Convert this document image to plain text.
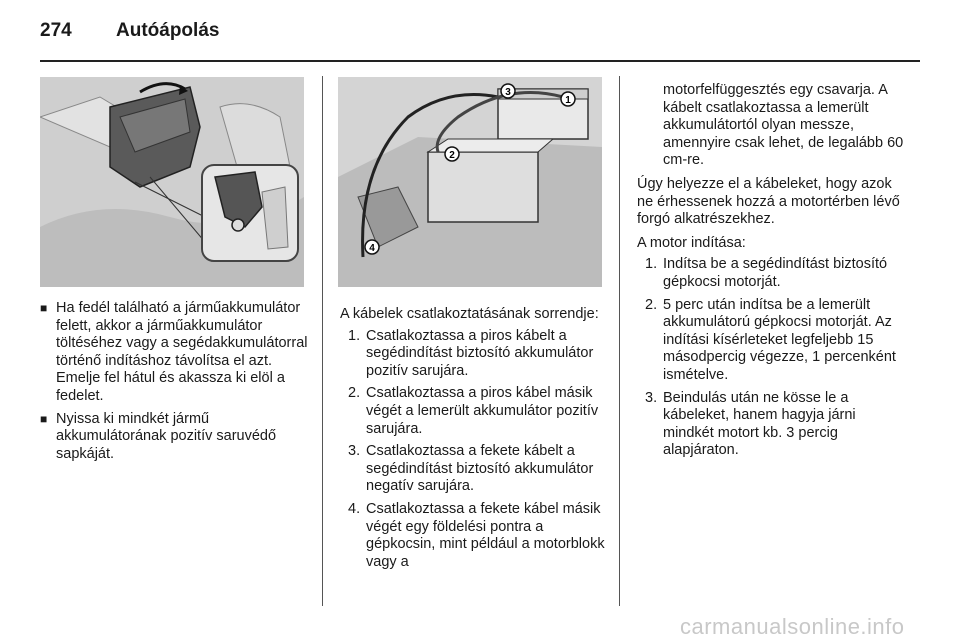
274	Autóápolás
3
1
2
4
■ Ha fedél található a járműakkumulátor felett, akkor a járműakkumulátor töltéséhez vagy a segédakkumulátorral történő indításhoz távolítsa el azt. Emelje fel hátul és akassza ki elöl a fedelet.
■ Nyissa ki mindkét jármű akkumulátorának pozitív saruvédő sapkáját.
A kábelek csatlakoztatásának sorrendje:
1. Csatlakoztassa a piros kábelt a segédindítást biztosító akkumulátor pozitív sarujára.
2. Csatlakoztassa a piros kábel másik végét a lemerült akkumulátor pozitív sarujára.
3. Csatlakoztassa a fekete kábelt a segédindítást biztosító akkumulátor negatív sarujára.
4. Csatlakoztassa a fekete kábel másik végét egy földelési pontra a gépkocsin, mint például a motorblokk vagy a
motorfelfüggesztés egy csavarja. A kábelt csatlakoztassa a lemerült akkumulátortól olyan messze, amennyire csak lehet, de legalább 60 cm-re.
Úgy helyezze el a kábeleket, hogy azok ne érhessenek hozzá a motortérben lévő forgó alkatrészekhez.
A motor indítása:
1. Indítsa be a segédindítást biztosító gépkocsi motorját.
2. 5 perc után indítsa be a lemerült akkumulátorú gépkocsi motorját. Az indítási kísérleteket legfeljebb 15 másodpercig végezze, 1 percenként ismételve.
3. Beindulás után ne kösse le a kábeleket, hanem hagyja járni mindkét motort kb. 3 percig alapjáraton.
carmanualsonline.info
